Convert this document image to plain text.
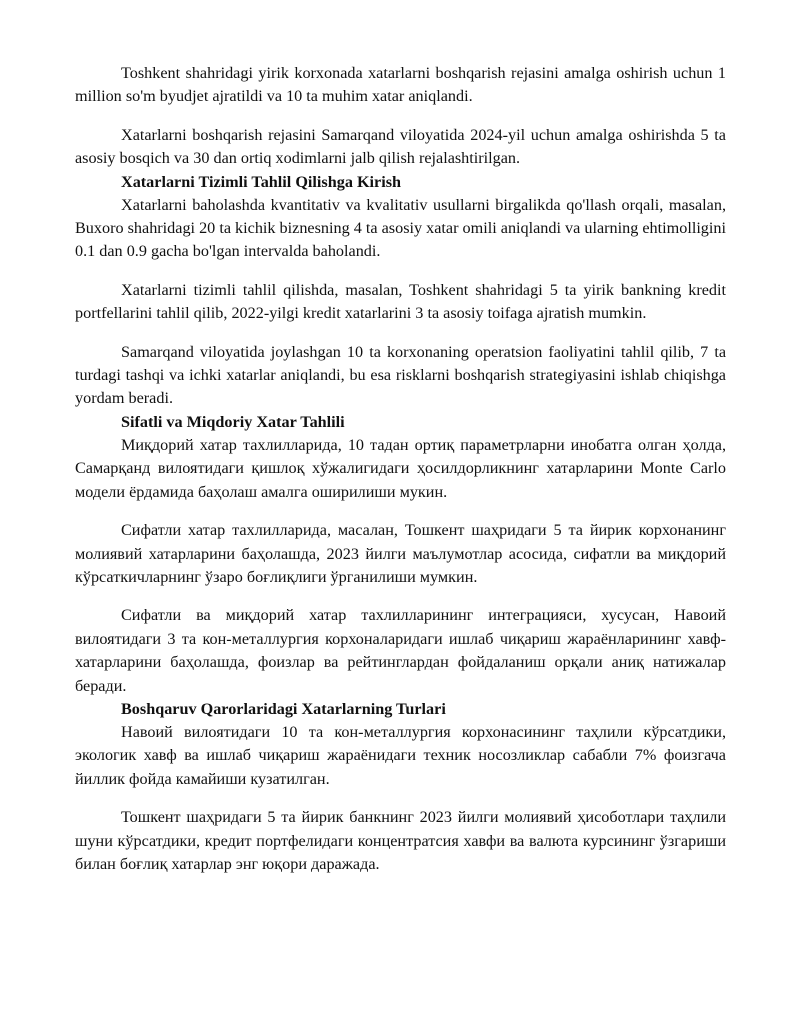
Toshkent shahridagi yirik korxonada xatarlarni boshqarish rejasini amalga oshirish uchun 1 million so'm byudjet ajratildi va 10 ta muhim xatar aniqlandi.

Xatarlarni boshqarish rejasini Samarqand viloyatida 2024-yil uchun amalga oshirishda 5 ta asosiy bosqich va 30 dan ortiq xodimlarni jalb qilish rejalashtirilgan.

Xatarlarni Tizimli Tahlil Qilishga Kirish

Xatarlarni baholashda kvantitativ va kvalitativ usullarni birgalikda qo'llash orqali, masalan, Buxoro shahridagi 20 ta kichik biznesning 4 ta asosiy xatar omili aniqlandi va ularning ehtimolligini 0.1 dan 0.9 gacha bo'lgan intervalda baholandi.

Xatarlarni tizimli tahlil qilishda, masalan, Toshkent shahridagi 5 ta yirik bankning kredit portfellarini tahlil qilib, 2022-yilgi kredit xatarlarini 3 ta asosiy toifaga ajratish mumkin.

Samarqand viloyatida joylashgan 10 ta korxonaning operatsion faoliyatini tahlil qilib, 7 ta turdagi tashqi va ichki xatarlar aniqlandi, bu esa risklarni boshqarish strategiyasini ishlab chiqishga yordam beradi.

Sifatli va Miqdoriy Xatar Tahlili

Миқдорий хатар тахлилларида, 10 тадан ортиқ параметрларни инобатга олган ҳолда, Самарқанд вилоятидаги қишлоқ хўжалигидаги ҳосилдорликнинг хатарларини Monte Carlo модели ёрдамида баҳолаш амалга оширилиши мукин.

Сифатли хатар тахлилларида, масалан, Тошкент шаҳридаги 5 та йирик корхонанинг молиявий хатарларини баҳолашда, 2023 йилги маълумотлар асосида, сифатли ва миқдорий кўрсаткичларнинг ўзаро боғлиқлиги ўрганилиши мумкин.

Сифатли ва миқдорий хатар тахлилларининг интеграцияси, хусусан, Навоий вилоятидаги 3 та кон-металлургия корхоналаридаги ишлаб чиқариш жараёнларининг хавф-хатарларини баҳолашда, фоизлар ва рейтинглардан фойдаланиш орқали аниқ натижалар беради.

Boshqaruv Qarorlaridagi Xatarlarning Turlari

Навоий вилоятидаги 10 та кон-металлургия корхонасининг таҳлили кўрсатдики, экологик хавф ва ишлаб чиқариш жараёнидаги техник носозликлар сабабли 7% фоизгача йиллик фойда камайиши кузатилган.

Тошкент шаҳридаги 5 та йирик банкнинг 2023 йилги молиявий ҳисоботлари таҳлили шуни кўрсатдики, кредит портфелидаги концентратсия хавфи ва валюта курсининг ўзгариши билан боғлиқ хатарлар энг юқори даражада.
